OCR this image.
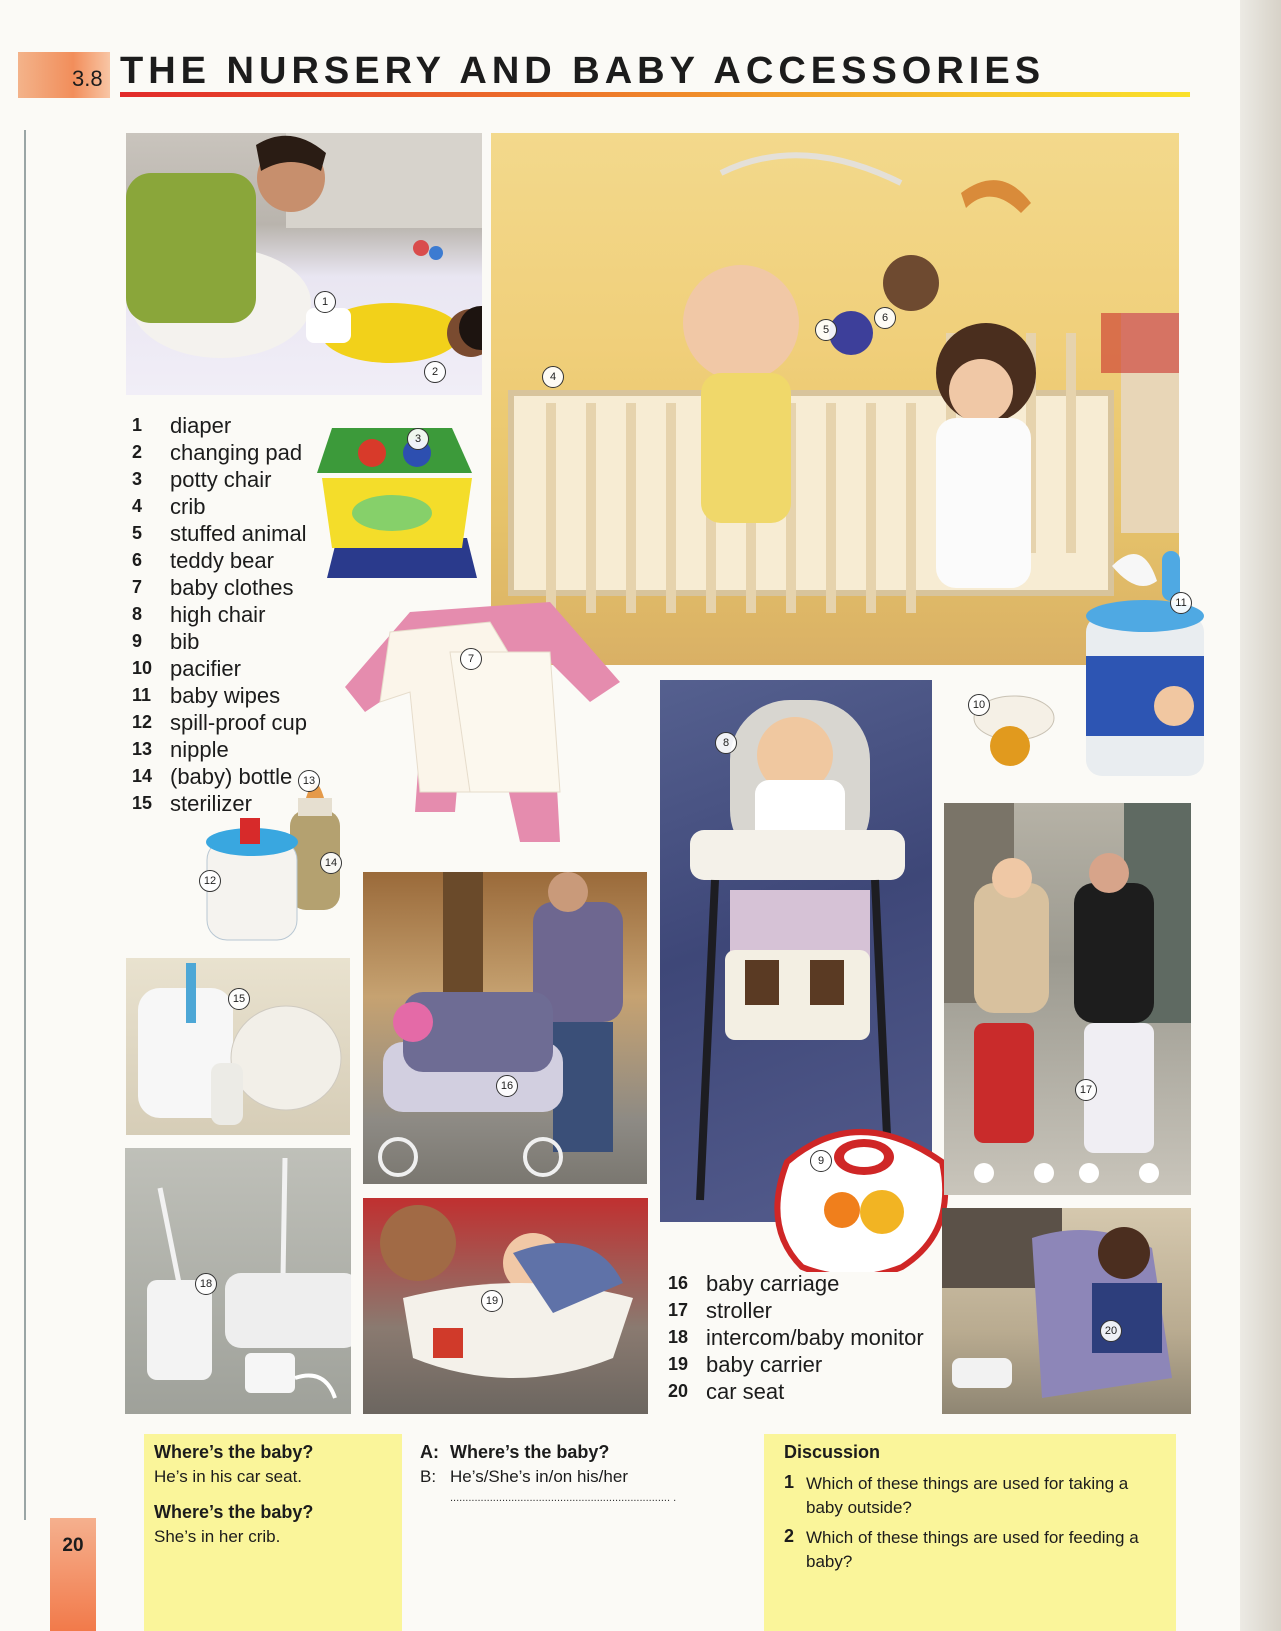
3.8 THE NURSERY AND BABY ACCESSORIES
1
2	4
5
6
3
1	diaper
2	changing pad
3	potty chair
4	crib
5	stuffed animal
6	teddy bear
7	baby clothes
8	high chair
9	bib
10 pacifier
11 baby wipes
12 spill-proof cup
13 nipple
14 (baby) bottle
15 sterilizer
7
11
10
8
9
13
14
12
15
16	17
18
19
20
16 baby carriage
17 stroller
18 intercom/baby monitor
19 baby carrier
20 car seat
Where’s the baby?
He’s in his car seat.
Where’s the baby?
She’s in her crib.
A: Where’s the baby?
B: He’s/She’s in/on his/her
........................................................................ .
Discussion
1 Which of these things are used for taking a baby outside?
2 Which of these things are used for feeding a baby?
20
